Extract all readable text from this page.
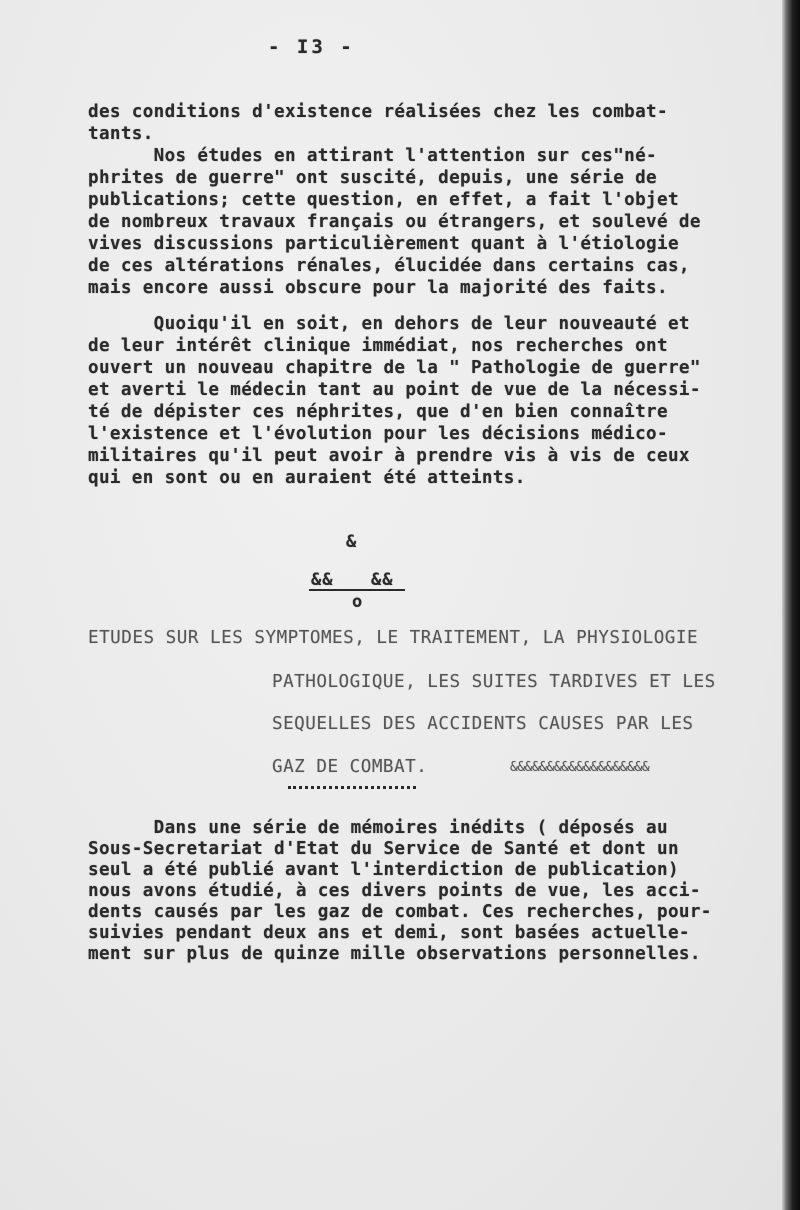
- I3 -
des conditions d'existence réalisées chez les combat-
tants.
Nos études en attirant l'attention sur ces"né-
phrites de guerre" ont suscité, depuis, une série de
publications; cette question, en effet, a fait l'objet
de nombreux travaux français ou étrangers, et soulevé de
vives discussions particulièrement quant à l'étiologie
de ces altérations rénales, élucidée dans certains cas,
mais encore aussi obscure pour la majorité des faits.
Quoiqu'il en soit, en dehors de leur nouveauté et
de leur intérêt clinique immédiat, nos recherches ont
ouvert un nouveau chapitre de la " Pathologie de guerre"
et averti le médecin tant au point de vue de la nécessi-
té de dépister ces néphrites, que d'en bien connaître
l'existence et l'évolution pour les décisions médico-
militaires qu'il peut avoir à prendre vis à vis de ceux
qui en sont ou en auraient été atteints.
&
&& &&
o
ETUDES SUR LES SYMPTOMES, LE TRAITEMENT, LA PHYSIOLOGIE
PATHOLOGIQUE, LES SUITES TARDIVES ET LES
SEQUELLES DES ACCIDENTS CAUSES PAR LES
GAZ DE COMBAT.	&&&&&&&&&&&&&&&&&&&
Dans une série de mémoires inédits ( déposés au
Sous-Secretariat d'Etat du Service de Santé et dont un
seul a été publié avant l'interdiction de publication)
nous avons étudié, à ces divers points de vue, les acci-
dents causés par les gaz de combat. Ces recherches, pour-
suivies pendant deux ans et demi, sont basées actuelle-
ment sur plus de quinze mille observations personnelles.
